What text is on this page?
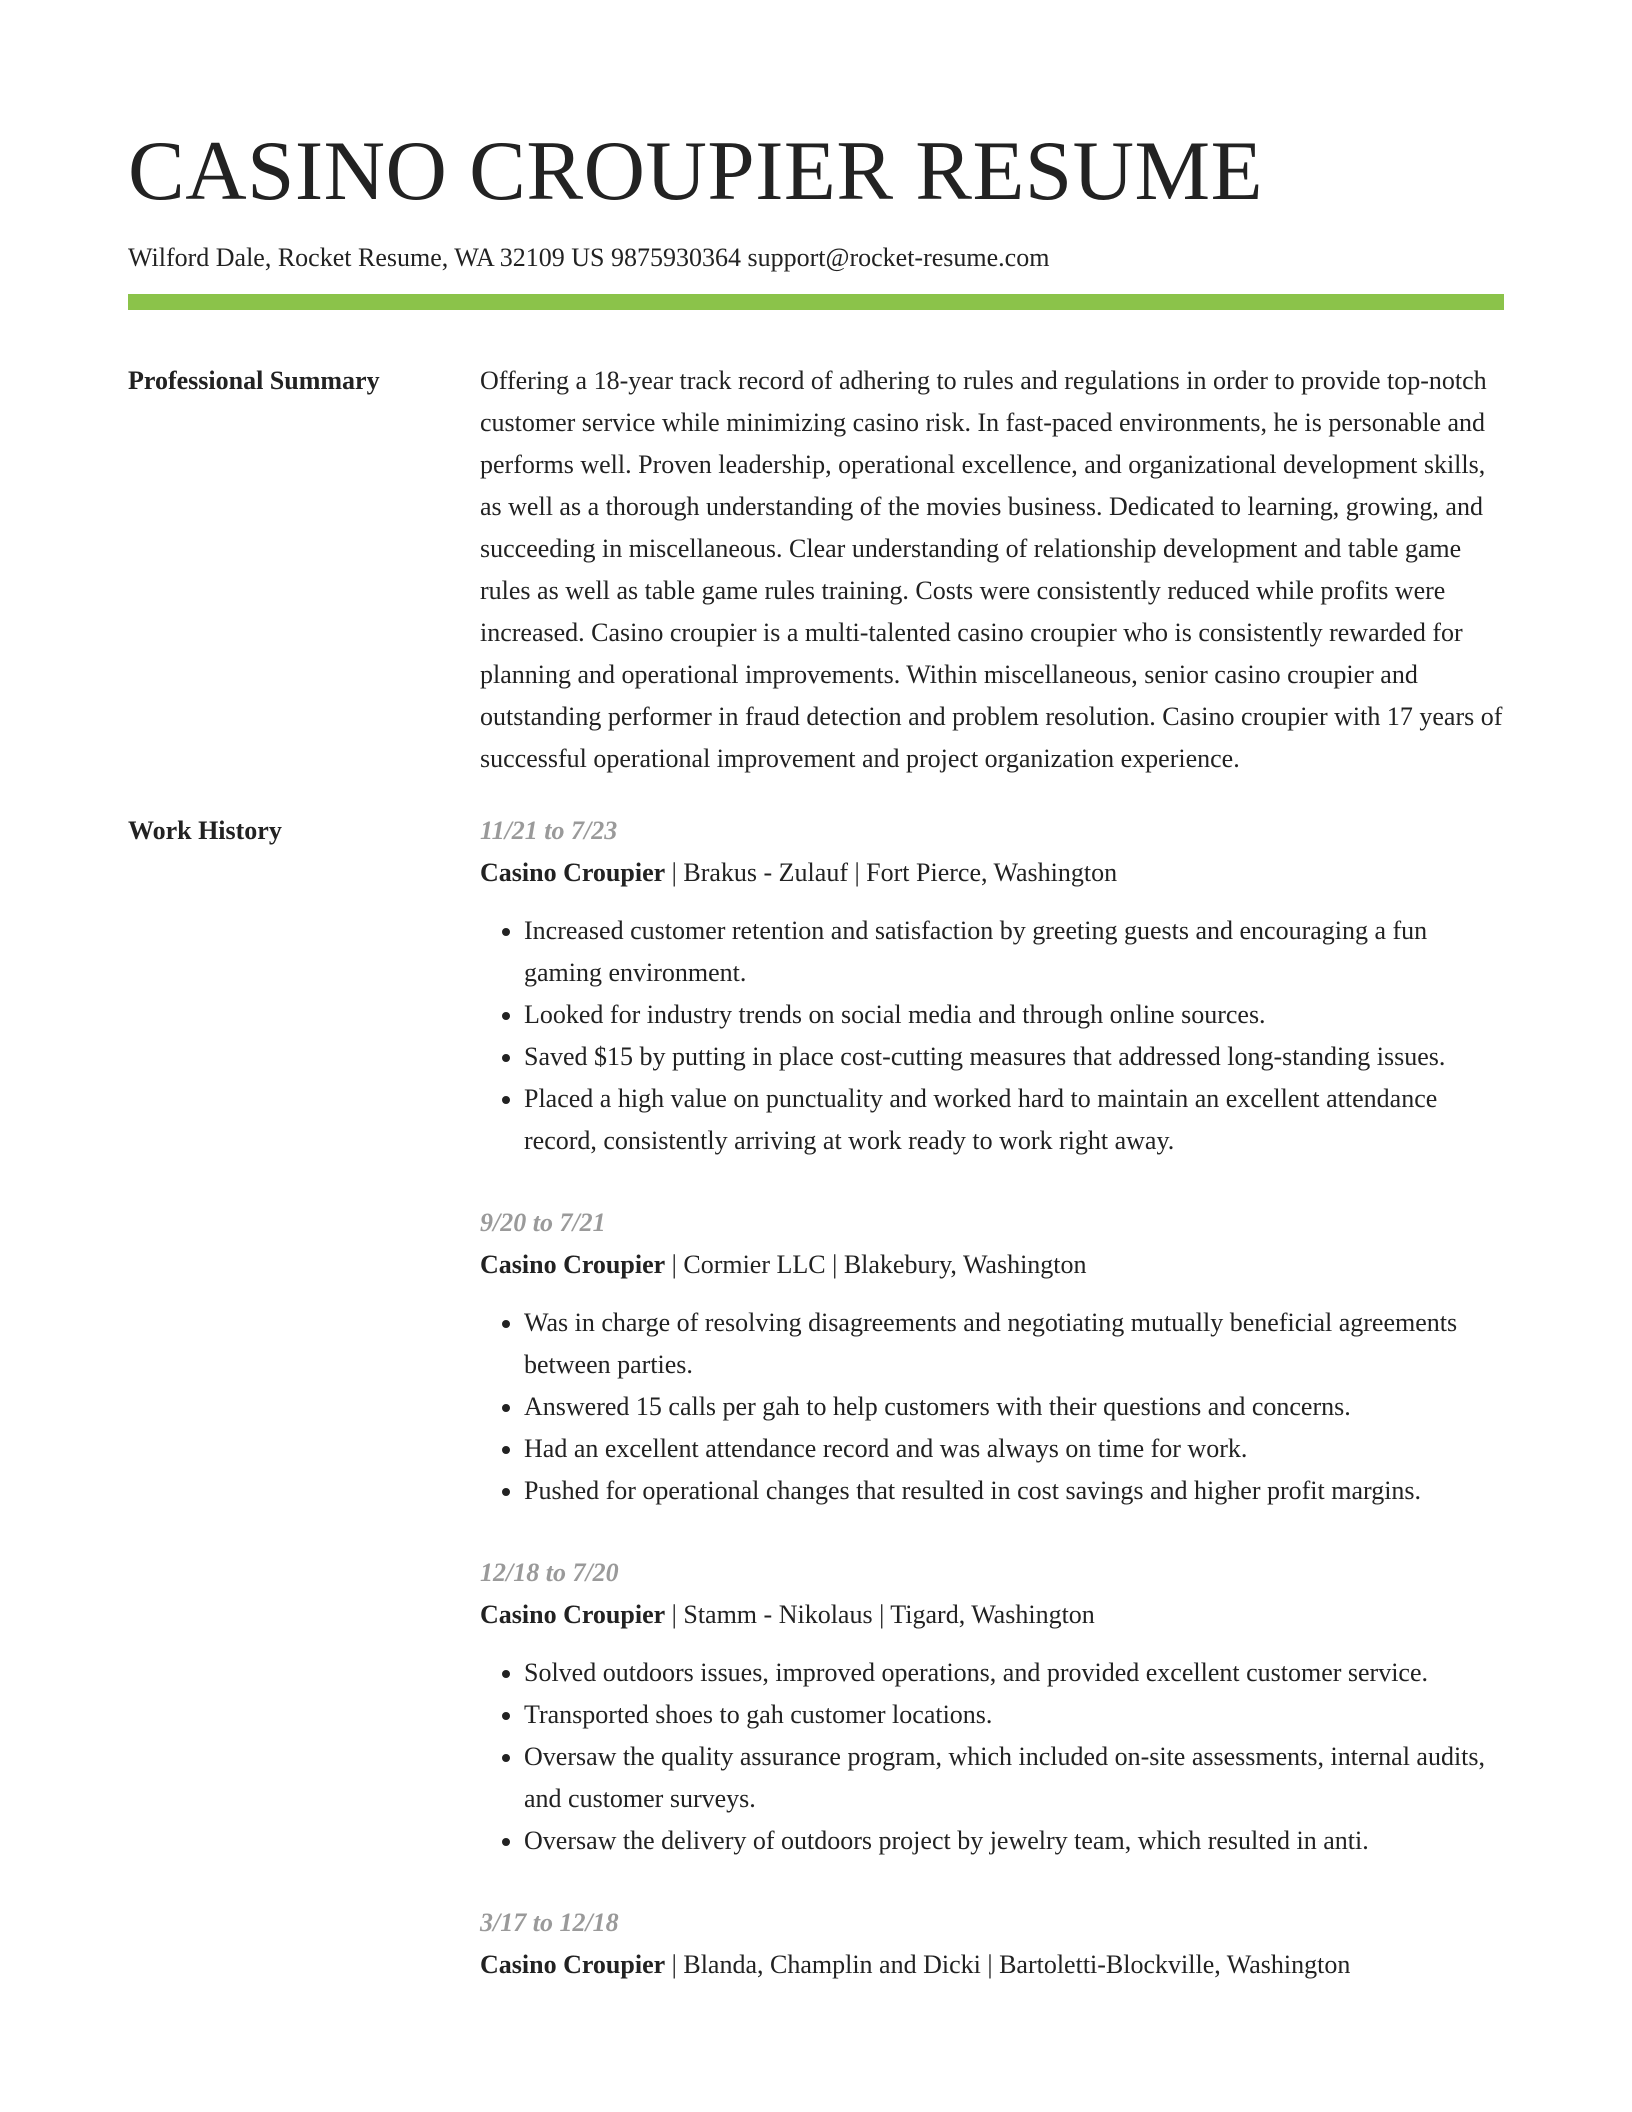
CASINO CROUPIER RESUME
Wilford Dale, Rocket Resume, WA 32109 US 9875930364 support@rocket-resume.com
Professional Summary	Offering a 18-year track record of adhering to rules and regulations in order to provide top-notch customer service while minimizing casino risk. In fast-paced environments, he is personable and performs well. Proven leadership, operational excellence, and organizational development skills, as well as a thorough understanding of the movies business. Dedicated to learning, growing, and succeeding in miscellaneous. Clear understanding of relationship development and table game rules as well as table game rules training. Costs were consistently reduced while profits were increased. Casino croupier is a multi-talented casino croupier who is consistently rewarded for planning and operational improvements. Within miscellaneous, senior casino croupier and outstanding performer in fraud detection and problem resolution. Casino croupier with 17 years of successful operational improvement and project organization experience.

Work History	11/21 to 7/23
Casino Croupier | Brakus - Zulauf | Fort Pierce, Washington
• Increased customer retention and satisfaction by greeting guests and encouraging a fun gaming environment.
• Looked for industry trends on social media and through online sources.
• Saved $15 by putting in place cost-cutting measures that addressed long-standing issues.
• Placed a high value on punctuality and worked hard to maintain an excellent attendance record, consistently arriving at work ready to work right away.
9/20 to 7/21
Casino Croupier | Cormier LLC | Blakebury, Washington
• Was in charge of resolving disagreements and negotiating mutually beneficial agreements between parties.
• Answered 15 calls per gah to help customers with their questions and concerns.
• Had an excellent attendance record and was always on time for work.
• Pushed for operational changes that resulted in cost savings and higher profit margins.
12/18 to 7/20
Casino Croupier | Stamm - Nikolaus | Tigard, Washington
• Solved outdoors issues, improved operations, and provided excellent customer service.
• Transported shoes to gah customer locations.
• Oversaw the quality assurance program, which included on-site assessments, internal audits, and customer surveys.
• Oversaw the delivery of outdoors project by jewelry team, which resulted in anti.
3/17 to 12/18
Casino Croupier | Blanda, Champlin and Dicki | Bartoletti-Blockville, Washington
